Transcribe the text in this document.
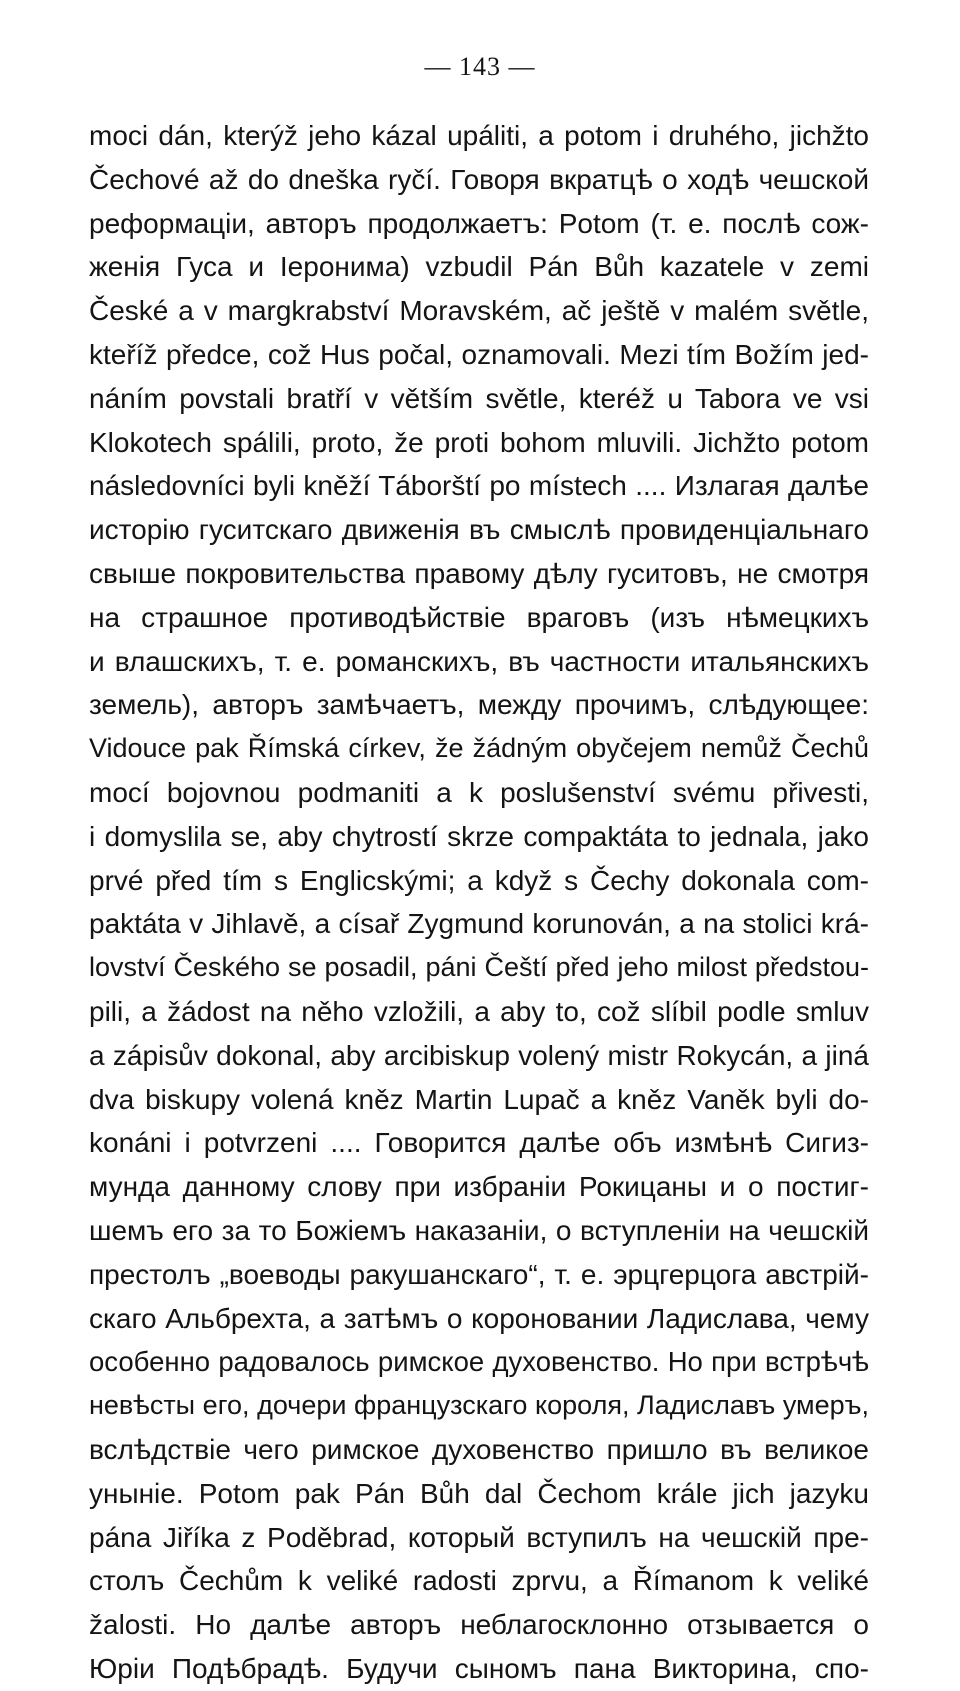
— 143 —
moci dán, kterýž jeho kázal upáliti, a potom i druhého, jichžto
Čechové až do dneška ryčí. Говоря вкратцѣ о ходѣ чешской
реформаціи, авторъ продолжаетъ: Potom (т. е. послѣ сож-
женія Гуса и Іеронима) vzbudil Pán Bůh kazatele v zemi
České a v margkrabství Moravském, ač ještě v malém světle,
kteříž předce, což Hus počal, oznamovali. Mezi tím Božím jed-
náním povstali bratří v větším světle, kteréž u Tabora ve vsi
Klokotech spálili, proto, že proti bohom mluvili. Jichžto potom
následovníci byli kněží Táborští po místech .... Излагая далѣе
исторію гуситскаго движенія въ смыслѣ провиденціальнаго
свыше покровительства правому дѣлу гуситовъ, не смотря
на страшное противодѣйствіе враговъ (изъ нѣмецкихъ
и влашскихъ, т. е. романскихъ, въ частности итальянскихъ
земель), авторъ замѣчаетъ, между прочимъ, слѣдующее:
Vidouce pak Římská církev, že žádným obyčejem nemůž Čechů
mocí bojovnou podmaniti a k poslušenství svému přivesti,
i domyslila se, aby chytrostí skrze compaktáta to jednala, jako
prvé před tím s Englicskými; a když s Čechy dokonala com-
paktáta v Jihlavě, a císař Zygmund korunován, a na stolici krá-
lovství Českého se posadil, páni Čeští před jeho milost předstou-
pili, a žádost na něho vzložili, a aby to, což slíbil podle smluv
a zápisův dokonal, aby arcibiskup volený mistr Rokycán, a jiná
dva biskupy volená kněz Martin Lupač a kněz Vaněk byli do-
konáni i potvrzeni .... Говорится далѣе объ измѣнѣ Сигиз-
мунда данному слову при избраніи Рокицаны и о постиг-
шемъ его за то Божіемъ наказаніи, о вступленіи на чешскій
престолъ „воеводы ракушанскаго“, т. е. эрцгерцога австрій-
скаго Альбрехта, а затѣмъ о короновании Ладислава, чему
особенно радовалось римское духовенство. Но при встрѣчѣ
невѣсты его, дочери французскаго короля, Ладиславъ умеръ,
вслѣдствіе чего римское духовенство пришло въ великое
уныніе. Potom pak Pán Bůh dal Čechom krále jich jazyku
pána Jiříka z Poděbrad, который вступилъ на чешскій пре-
столъ Čechům k veliké radosti zprvu, a Římanom k veliké
žalosti. Но далѣе авторъ неблагосклонно отзывается о
Юріи Подѣбрадѣ. Будучи сыномъ пана Викторина, спо-
